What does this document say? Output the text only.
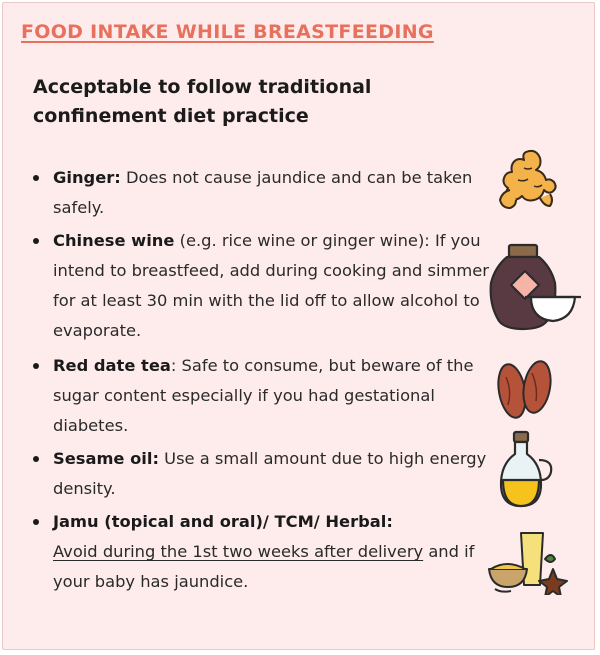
FOOD INTAKE WHILE BREASTFEEDING
Acceptable to follow traditional
confinement diet practice
Ginger: Does not cause jaundice and can be taken safely.
Chinese wine (e.g. rice wine or ginger wine): If you intend to breastfeed, add during cooking and simmer for at least 30 min with the lid off to allow alcohol to evaporate.
Red date tea: Safe to consume, but beware of the sugar content especially if you had gestational diabetes.
Sesame oil: Use a small amount due to high energy density.
Jamu (topical and oral)/ TCM/ Herbal:
Avoid during the 1st two weeks after delivery and if your baby has jaundice.
